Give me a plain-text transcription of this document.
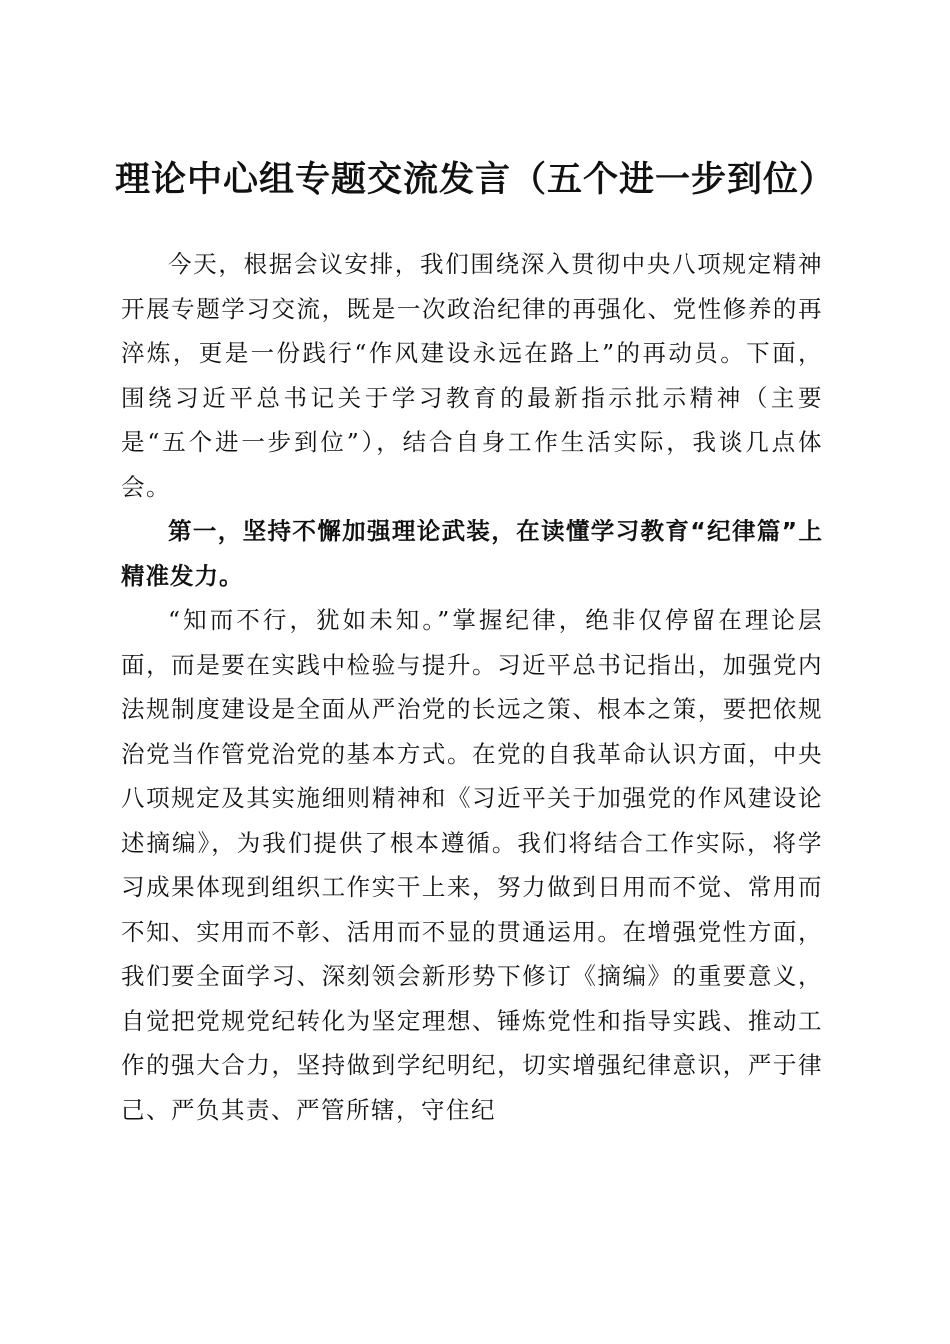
理论中心组专题交流发言（五个进一步到位）

今天，根据会议安排，我们围绕深入贯彻中央八项规定精神开展专题学习交流，既是一次政治纪律的再强化、党性修养的再淬炼，更是一份践行“作风建设永远在路上”的再动员。下面，围绕习近平总书记关于学习教育的最新指示批示精神（主要是“五个进一步到位”），结合自身工作生活实际，我谈几点体会。

第一，坚持不懈加强理论武装，在读懂学习教育“纪律篇”上精准发力。

“知而不行，犹如未知。”掌握纪律，绝非仅停留在理论层面，而是要在实践中检验与提升。习近平总书记指出，加强党内法规制度建设是全面从严治党的长远之策、根本之策，要把依规治党当作管党治党的基本方式。在党的自我革命认识方面，中央八项规定及其实施细则精神和《习近平关于加强党的作风建设论述摘编》，为我们提供了根本遵循。我们将结合工作实际，将学习成果体现到组织工作实干上来，努力做到日用而不觉、常用而不知、实用而不彰、活用而不显的贯通运用。在增强党性方面，我们要全面学习、深刻领会新形势下修订《摘编》的重要意义，自觉把党规党纪转化为坚定理想、锤炼党性和指导实践、推动工作的强大合力，坚持做到学纪明纪，切实增强纪律意识，严于律己、严负其责、严管所辖，守住纪
